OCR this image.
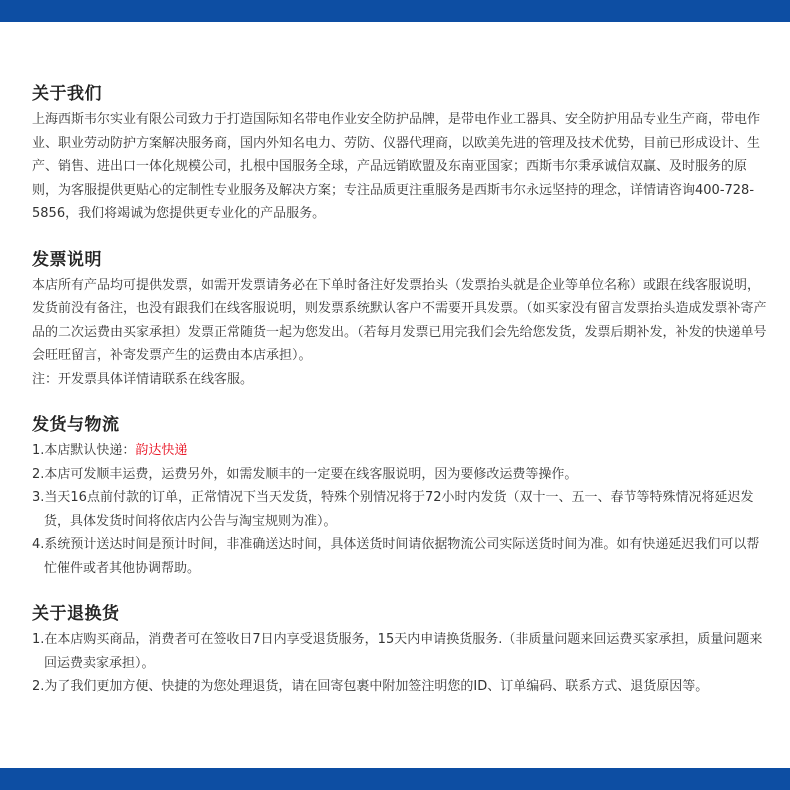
关于我们

上海西斯韦尔实业有限公司致力于打造国际知名带电作业安全防护品牌，是带电作业工器具、安全防护用品专业生产商，带电作业、职业劳动防护方案解决服务商，国内外知名电力、劳防、仪器代理商，以欧美先进的管理及技术优势，目前已形成设计、生产、销售、进出口一体化规模公司，扎根中国服务全球，产品远销欧盟及东南亚国家；西斯韦尔秉承诚信双赢、及时服务的原则，为客服提供更贴心的定制性专业服务及解决方案；专注品质更注重服务是西斯韦尔永远坚持的理念，详情请咨询400-728-5856，我们将竭诚为您提供更专业化的产品服务。

发票说明

本店所有产品均可提供发票，如需开发票请务必在下单时备注好发票抬头（发票抬头就是企业等单位名称）或跟在线客服说明，发货前没有备注，也没有跟我们在线客服说明，则发票系统默认客户不需要开具发票。（如买家没有留言发票抬头造成发票补寄产品的二次运费由买家承担）发票正常随货一起为您发出。（若每月发票已用完我们会先给您发货，发票后期补发，补发的快递单号会旺旺留言，补寄发票产生的运费由本店承担）。

注：开发票具体详情请联系在线客服。

发货与物流

1.本店默认快递：韵达快递

2.本店可发顺丰运费，运费另外，如需发顺丰的一定要在线客服说明，因为要修改运费等操作。

3.当天16点前付款的订单，正常情况下当天发货，特殊个别情况将于72小时内发货（双十一、五一、春节等特殊情况将延迟发货，具体发货时间将依店内公告与淘宝规则为准）。

4.系统预计送达时间是预计时间，非准确送达时间，具体送货时间请依据物流公司实际送货时间为准。如有快递延迟我们可以帮忙催件或者其他协调帮助。

关于退换货

1.在本店购买商品，消费者可在签收日7日内享受退货服务，15天内申请换货服务.（非质量问题来回运费买家承担，质量问题来回运费卖家承担）。

2.为了我们更加方便、快捷的为您处理退货，请在回寄包裹中附加签注明您的ID、订单编码、联系方式、退货原因等。
